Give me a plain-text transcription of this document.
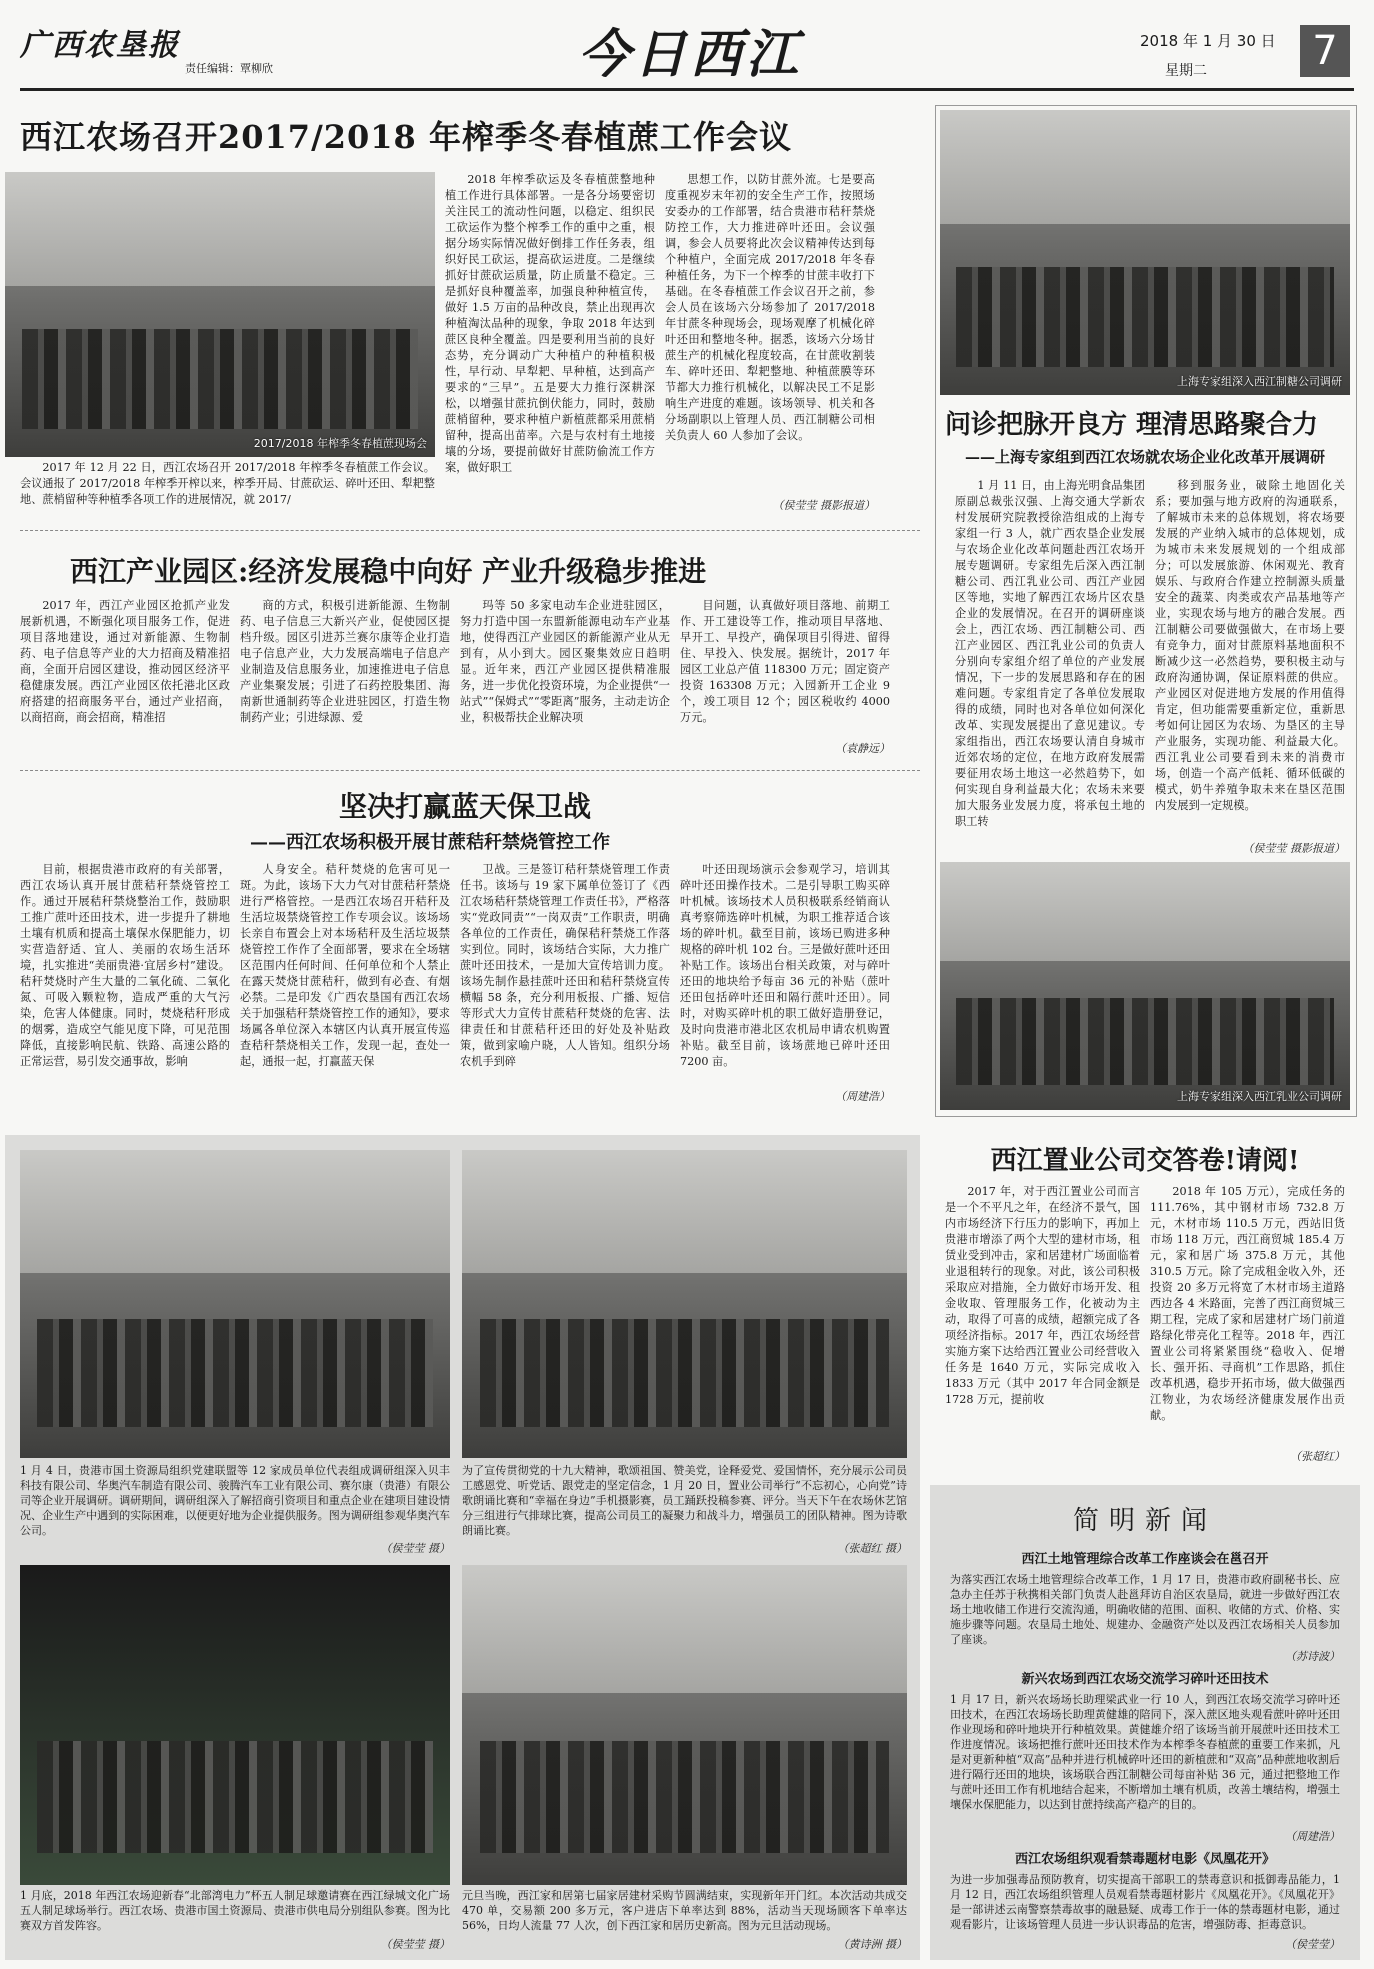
广西农垦报
责任编辑：覃柳欣	今日西江	2018 年 1 月 30 日
星期二	7
西江农场召开2017/2018 年榨季冬春植蔗工作会议
2017/2018 年榨季冬春植蔗现场会

2017 年 12 月 22 日，西江农场召开 2017/2018 年榨季冬春植蔗工作会议。会议通报了 2017/2018 年榨季开榨以来，榨季开局、甘蔗砍运、碎叶还田、犁耙整地、蔗梢留种等种植季各项工作的进展情况，就 2017/

2018 年榨季砍运及冬春植蔗整地种植工作进行具体部署。一是各分场要密切关注民工的流动性问题，以稳定、组织民工砍运作为整个榨季工作的重中之重，根据分场实际情况做好倒排工作任务表，组织好民工砍运，提高砍运进度。二是继续抓好甘蔗砍运质量，防止质量不稳定。三是抓好良种覆盖率，加强良种种植宣传，做好 1.5 万亩的品种改良，禁止出现再次种植淘汰品种的现象，争取 2018 年达到蔗区良种全覆盖。四是要利用当前的良好态势，充分调动广大种植户的种植积极性，早行动、早犁耙、早种植，达到高产要求的“三早”。五是要大力推行深耕深松，以增强甘蔗抗倒伏能力，同时，鼓励蔗梢留种，要求种植户新植蔗都采用蔗梢留种，提高出苗率。六是与农村有土地接壤的分场，要提前做好甘蔗防偷流工作方案，做好职工

思想工作，以防甘蔗外流。七是要高度重视岁末年初的安全生产工作，按照场安委办的工作部署，结合贵港市秸秆禁烧防控工作，大力推进碎叶还田。会议强调，参会人员要将此次会议精神传达到每个种植户，全面完成 2017/2018 年冬春种植任务，为下一个榨季的甘蔗丰收打下基础。在冬春植蔗工作会议召开之前，参会人员在该场六分场参加了 2017/2018 年甘蔗冬种现场会，现场观摩了机械化碎叶还田和整地冬种。据悉，该场六分场甘蔗生产的机械化程度较高，在甘蔗收割装车、碎叶还田、犁耙整地、种植蔗膜等环节都大力推行机械化，以解决民工不足影响生产进度的难题。该场领导、机关和各分场副职以上管理人员、西江制糖公司相关负责人 60 人参加了会议。

（侯莹莹 摄影报道）
西江产业园区:经济发展稳中向好 产业升级稳步推进

2017 年，西江产业园区抢抓产业发展新机遇，不断强化项目服务工作，促进项目落地建设，通过对新能源、生物制药、电子信息等产业的大力招商及精准招商，全面开启园区建设，推动园区经济平稳健康发展。西江产业园区依托港北区政府搭建的招商服务平台，通过产业招商，以商招商，商会招商，精准招

商的方式，积极引进新能源、生物制药、电子信息三大新兴产业，促使园区提档升级。园区引进苏兰赛尔康等企业打造电子信息产业，大力发展高端电子信息产业制造及信息服务业，加速推进电子信息产业集聚发展；引进了石药控股集团、海南新世通制药等企业进驻园区，打造生物制药产业；引进绿源、爱

玛等 50 多家电动车企业进驻园区，努力打造中国一东盟新能源电动车产业基地，使得西江产业园区的新能源产业从无到有，从小到大。园区聚集效应日趋明显。近年来，西江产业园区提供精准服务，进一步优化投资环境，为企业提供“一站式”“保姆式”“零距离”服务，主动走访企业，积极帮扶企业解决项

目问题，认真做好项目落地、前期工作、开工建设等工作，推动项目早落地、早开工、早投产，确保项目引得进、留得住、早投入、快发展。据统计，2017 年园区工业总产值 118300 万元；固定资产投资 163308 万元；入园新开工企业 9 个，竣工项目 12 个；园区税收约 4000 万元。

（袁静远）
坚决打赢蓝天保卫战
——西江农场积极开展甘蔗秸秆禁烧管控工作

目前，根据贵港市政府的有关部署，西江农场认真开展甘蔗秸秆禁烧管控工作。通过开展秸秆禁烧整治工作，鼓励职工推广蔗叶还田技术，进一步提升了耕地土壤有机质和提高土壤保水保肥能力，切实营造舒适、宜人、美丽的农场生活环境，扎实推进“美丽贵港·宜居乡村”建设。秸秆焚烧时产生大量的二氧化硫、二氧化氮、可吸入颗粒物，造成严重的大气污染，危害人体健康。同时，焚烧秸秆形成的烟雾，造成空气能见度下降，可见范围降低，直接影响民航、铁路、高速公路的正常运营，易引发交通事故，影响

人身安全。秸秆焚烧的危害可见一斑。为此，该场下大力气对甘蔗秸秆禁烧进行严格管控。一是西江农场召开秸秆及生活垃圾禁烧管控工作专项会议。该场场长亲自布置会上对本场秸秆及生活垃圾禁烧管控工作作了全面部署，要求在全场辖区范围内任何时间、任何单位和个人禁止在露天焚烧甘蔗秸秆，做到有必查、有烟必禁。二是印发《广西农垦国有西江农场关于加强秸秆禁烧管控工作的通知》，要求场属各单位深入本辖区内认真开展宣传巡查秸秆禁烧相关工作，发现一起，查处一起，通报一起，打赢蓝天保

卫战。三是签订秸秆禁烧管理工作责任书。该场与 19 家下属单位签订了《西江农场秸秆禁烧管理工作责任书》，严格落实“党政同责”“一岗双责”工作职责，明确各单位的工作责任，确保秸秆禁烧工作落实到位。同时，该场结合实际，大力推广蔗叶还田技术，一是加大宣传培训力度。该场先制作悬挂蔗叶还田和秸秆禁烧宣传横幅 58 条，充分利用板报、广播、短信等形式大力宣传甘蔗秸秆焚烧的危害、法律责任和甘蔗秸秆还田的好处及补贴政策，做到家喻户晓，人人皆知。组织分场农机手到碎

叶还田现场演示会参观学习，培训其碎叶还田操作技术。二是引导职工购买碎叶机械。该场技术人员积极联系经销商认真考察筛选碎叶机械，为职工推荐适合该场的碎叶机。截至目前，该场已购进多种规格的碎叶机 102 台。三是做好蔗叶还田补贴工作。该场出台相关政策，对与碎叶还田的地块给予每亩 36 元的补贴（蔗叶还田包括碎叶还田和隔行蔗叶还田）。同时，对购买碎叶机的职工做好造册登记，及时向贵港市港北区农机局申请农机购置补贴。截至目前，该场蔗地已碎叶还田 7200 亩。

（周建浩）
上海专家组深入西江制糖公司调研
问诊把脉开良方 理清思路聚合力
——上海专家组到西江农场就农场企业化改革开展调研

1 月 11 日，由上海光明食品集团原副总裁张汉强、上海交通大学新农村发展研究院教授徐浩组成的上海专家组一行 3 人，就广西农垦企业发展与农场企业化改革问题赴西江农场开展专题调研。专家组先后深入西江制糖公司、西江乳业公司、西江产业园区等地，实地了解西江农场片区农垦企业的发展情况。在召开的调研座谈会上，西江农场、西江制糖公司、西江产业园区、西江乳业公司的负责人分别向专家组介绍了单位的产业发展情况，下一步的发展思路和存在的困难问题。专家组肯定了各单位发展取得的成绩，同时也对各单位如何深化改革、实现发展提出了意见建议。专家组指出，西江农场要认清自身城市近郊农场的定位，在地方政府发展需要征用农场土地这一必然趋势下，如何实现自身利益最大化；农场未来要加大服务业发展力度，将承包土地的职工转

移到服务业，破除土地固化关系；要加强与地方政府的沟通联系，了解城市未来的总体规划，将农场要发展的产业纳入城市的总体规划，成为城市未来发展规划的一个组成部分；可以发展旅游、休闲观光、教育娱乐、与政府合作建立控制源头质量安全的蔬菜、肉类或农产品基地等产业，实现农场与地方的融合发展。西江制糖公司要做强做大，在市场上要有竞争力，面对甘蔗原料基地面积不断减少这一必然趋势，要积极主动与政府沟通协调，保证原料蔗的供应。产业园区对促进地方发展的作用值得肯定，但功能需要重新定位，重新思考如何让园区为农场、为垦区的主导产业服务，实现功能、利益最大化。西江乳业公司要看到未来的消费市场，创造一个高产低耗、循环低碳的模式，奶牛养殖争取未来在垦区范围内发展到一定规模。

（侯莹莹 摄影报道）
上海专家组深入西江乳业公司调研
1 月 4 日，贵港市国土资源局组织党建联盟等 12 家成员单位代表组成调研组深入贝丰科技有限公司、华奥汽车制造有限公司、骏腾汽车工业有限公司、赛尔康（贵港）有限公司等企业开展调研。调研期间，调研组深入了解招商引资项目和重点企业在建项目建设情况、企业生产中遇到的实际困难，以便更好地为企业提供服务。图为调研组参观华奥汽车公司。
（侯莹莹 摄）
为了宣传贯彻党的十九大精神，歌颂祖国、赞美党，诠释爱党、爱国情怀，充分展示公司员工感恩党、听党话、跟党走的坚定信念，1 月 20 日，置业公司举行“不忘初心，心向党”诗歌朗诵比赛和“幸福在身边”手机摄影赛，员工踊跃投稿参赛、评分。当天下午在农场休艺馆分三组进行气排球比赛，提高公司员工的凝聚力和战斗力，增强员工的团队精神。图为诗歌朗诵比赛。
（张超红 摄）
1 月底，2018 年西江农场迎新春“北部湾电力”杯五人制足球邀请赛在西江绿城文化广场五人制足球场举行。西江农场、贵港市国土资源局、贵港市供电局分别组队参赛。图为比赛双方首发阵容。
（侯莹莹 摄）
元旦当晚，西江家和居第七届家居建材采购节圆满结束，实现新年开门红。本次活动共成交 470 单，交易额 200 多万元，客户进店下单率达到 88%，活动当天现场顾客下单率达 56%，日均人流量 77 人次，创下西江家和居历史新高。图为元旦活动现场。
（黄诗洲 摄）
西江置业公司交答卷!请阅!

2017 年，对于西江置业公司而言是一个不平凡之年，在经济不景气，国内市场经济下行压力的影响下，再加上贵港市增添了两个大型的建材市场，租赁业受到冲击，家和居建材广场面临着业退租转行的现象。对此，该公司积极采取应对措施，全力做好市场开发、租金收取、管理服务工作，化被动为主动，取得了可喜的成绩，超额完成了各项经济指标。2017 年，西江农场经营实施方案下达给西江置业公司经营收入任务是 1640 万元，实际完成收入 1833 万元（其中 2017 年合同金额是 1728 万元，提前收

2018 年 105 万元），完成任务的 111.76%，其中钢材市场 732.8 万元，木材市场 110.5 万元，西站旧货市场 118 万元，西江商贸城 185.4 万元，家和居广场 375.8 万元，其他 310.5 万元。除了完成租金收入外，还投资 20 多万元将宽了木材市场主道路西边各 4 米路面，完善了西江商贸城三期工程，完成了家和居建材广场门前道路绿化带亮化工程等。2018 年，西江置业公司将紧紧围绕“稳收入、促增长、强开拓、寻商机”工作思路，抓住改革机遇，稳步开拓市场，做大做强西江物业，为农场经济健康发展作出贡献。

（张超红）
简明新闻
西江土地管理综合改革工作座谈会在邕召开
为落实西江农场土地管理综合改革工作，1 月 17 日，贵港市政府副秘书长、应急办主任苏于秋携相关部门负责人赴邕拜访自治区农垦局，就进一步做好西江农场土地收储工作进行交流沟通，明确收储的范围、面积、收储的方式、价格、实施步骤等问题。农垦局土地处、规建办、金融资产处以及西江农场相关人员参加了座谈。
（苏诗波）
新兴农场到西江农场交流学习碎叶还田技术
1 月 17 日，新兴农场场长助理梁武业一行 10 人，到西江农场交流学习碎叶还田技术，在西江农场场长助理黄健雄的陪同下，深入蔗区地头观看蔗叶碎叶还田作业现场和碎叶地块开行种植效果。黄健雄介绍了该场当前开展蔗叶还田技术工作进度情况。该场把推行蔗叶还田技术作为本榨季冬春植蔗的重要工作来抓，凡是对更新种植“双高”品种并进行机械碎叶还田的新植蔗和“双高”品种蔗地收割后进行隔行还田的地块，该场联合西江制糖公司每亩补贴 36 元，通过把整地工作与蔗叶还田工作有机地结合起来，不断增加土壤有机质，改善土壤结构，增强土壤保水保肥能力，以达到甘蔗持续高产稳产的目的。
（周建浩）
西江农场组织观看禁毒题材电影《凤凰花开》
为进一步加强毒品预防教育，切实提高干部职工的禁毒意识和抵御毒品能力，1 月 12 日，西江农场组织管理人员观看禁毒题材影片《凤凰花开》。《凤凰花开》是一部讲述云南警察禁毒故事的融悬疑、成毒工作于一体的禁毒题材电影，通过观看影片，让该场管理人员进一步认识毒品的危害，增强防毒、拒毒意识。
（侯莹莹）
